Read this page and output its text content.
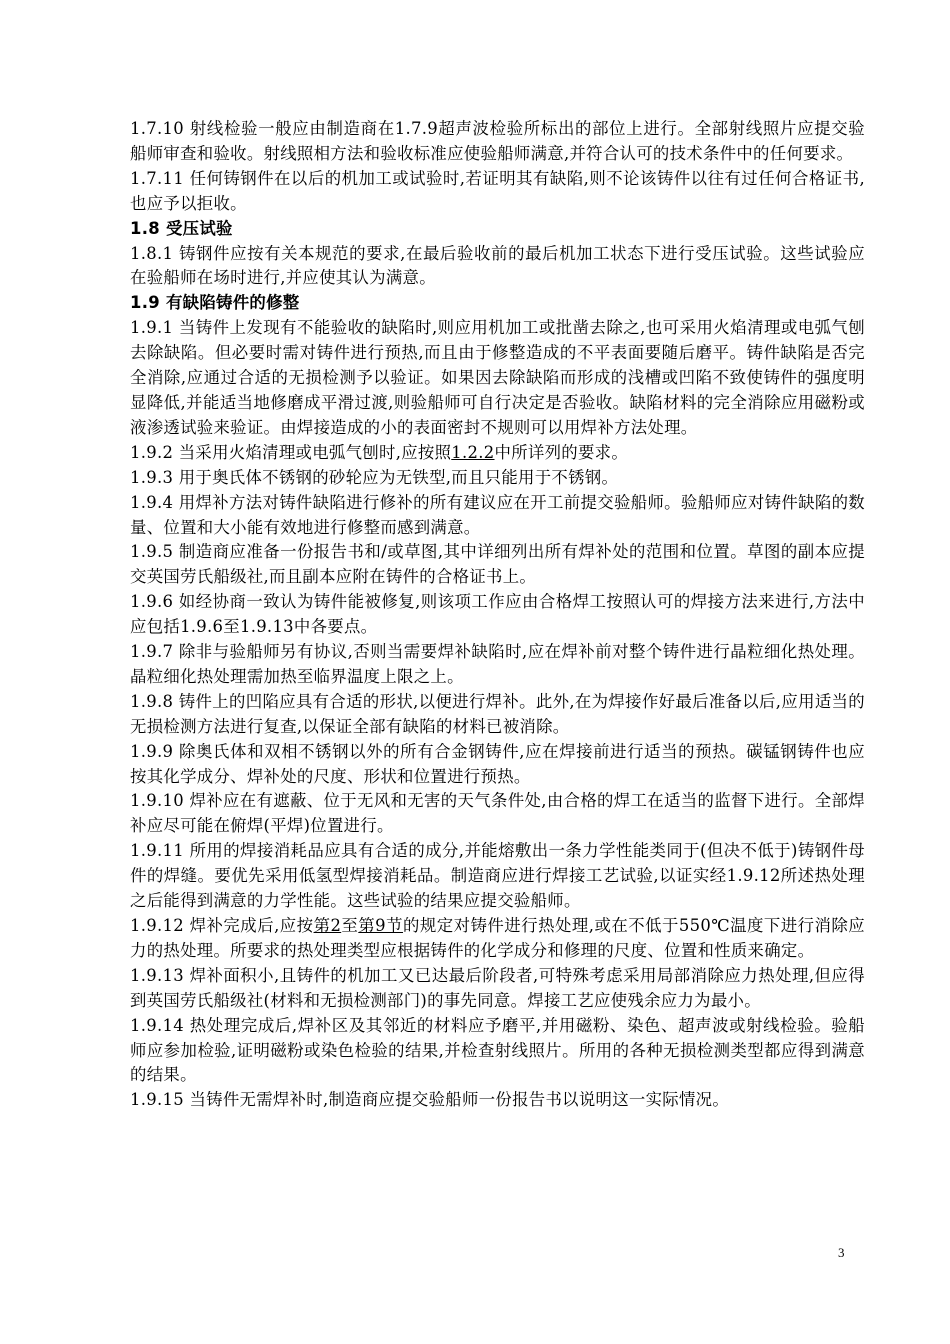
1.7.10 射线检验一般应由制造商在1.7.9超声波检验所标出的部位上进行。全部射线照片应提交验船师审查和验收。射线照相方法和验收标准应使验船师满意,并符合认可的技术条件中的任何要求。

1.7.11 任何铸钢件在以后的机加工或试验时,若证明其有缺陷,则不论该铸件以往有过任何合格证书,也应予以拒收。

1.8 受压试验

1.8.1 铸钢件应按有关本规范的要求,在最后验收前的最后机加工状态下进行受压试验。这些试验应在验船师在场时进行,并应使其认为满意。

1.9 有缺陷铸件的修整

1.9.1 当铸件上发现有不能验收的缺陷时,则应用机加工或批凿去除之,也可采用火焰清理或电弧气刨去除缺陷。但必要时需对铸件进行预热,而且由于修整造成的不平表面要随后磨平。铸件缺陷是否完全消除,应通过合适的无损检测予以验证。如果因去除缺陷而形成的浅槽或凹陷不致使铸件的强度明显降低,并能适当地修磨成平滑过渡,则验船师可自行决定是否验收。缺陷材料的完全消除应用磁粉或液渗透试验来验证。由焊接造成的小的表面密封不规则可以用焊补方法处理。

1.9.2 当采用火焰清理或电弧气刨时,应按照1.2.2中所详列的要求。

1.9.3 用于奥氏体不锈钢的砂轮应为无铁型,而且只能用于不锈钢。

1.9.4 用焊补方法对铸件缺陷进行修补的所有建议应在开工前提交验船师。验船师应对铸件缺陷的数量、位置和大小能有效地进行修整而感到满意。

1.9.5 制造商应准备一份报告书和/或草图,其中详细列出所有焊补处的范围和位置。草图的副本应提交英国劳氏船级社,而且副本应附在铸件的合格证书上。

1.9.6 如经协商一致认为铸件能被修复,则该项工作应由合格焊工按照认可的焊接方法来进行,方法中应包括1.9.6至1.9.13中各要点。

1.9.7 除非与验船师另有协议,否则当需要焊补缺陷时,应在焊补前对整个铸件进行晶粒细化热处理。晶粒细化热处理需加热至临界温度上限之上。

1.9.8 铸件上的凹陷应具有合适的形状,以便进行焊补。此外,在为焊接作好最后准备以后,应用适当的无损检测方法进行复查,以保证全部有缺陷的材料已被消除。

1.9.9 除奥氏体和双相不锈钢以外的所有合金钢铸件,应在焊接前进行适当的预热。碳锰钢铸件也应按其化学成分、焊补处的尺度、形状和位置进行预热。

1.9.10 焊补应在有遮蔽、位于无风和无害的天气条件处,由合格的焊工在适当的监督下进行。全部焊补应尽可能在俯焊(平焊)位置进行。

1.9.11 所用的焊接消耗品应具有合适的成分,并能熔敷出一条力学性能类同于(但决不低于)铸钢件母件的焊缝。要优先采用低氢型焊接消耗品。制造商应进行焊接工艺试验,以证实经1.9.12所述热处理之后能得到满意的力学性能。这些试验的结果应提交验船师。

1.9.12 焊补完成后,应按第2至第9节的规定对铸件进行热处理,或在不低于550℃温度下进行消除应力的热处理。所要求的热处理类型应根据铸件的化学成分和修理的尺度、位置和性质来确定。

1.9.13 焊补面积小,且铸件的机加工又已达最后阶段者,可特殊考虑采用局部消除应力热处理,但应得到英国劳氏船级社(材料和无损检测部门)的事先同意。焊接工艺应使残余应力为最小。

1.9.14 热处理完成后,焊补区及其邻近的材料应予磨平,并用磁粉、染色、超声波或射线检验。验船师应参加检验,证明磁粉或染色检验的结果,并检查射线照片。所用的各种无损检测类型都应得到满意的结果。

1.9.15 当铸件无需焊补时,制造商应提交验船师一份报告书以说明这一实际情况。

3
